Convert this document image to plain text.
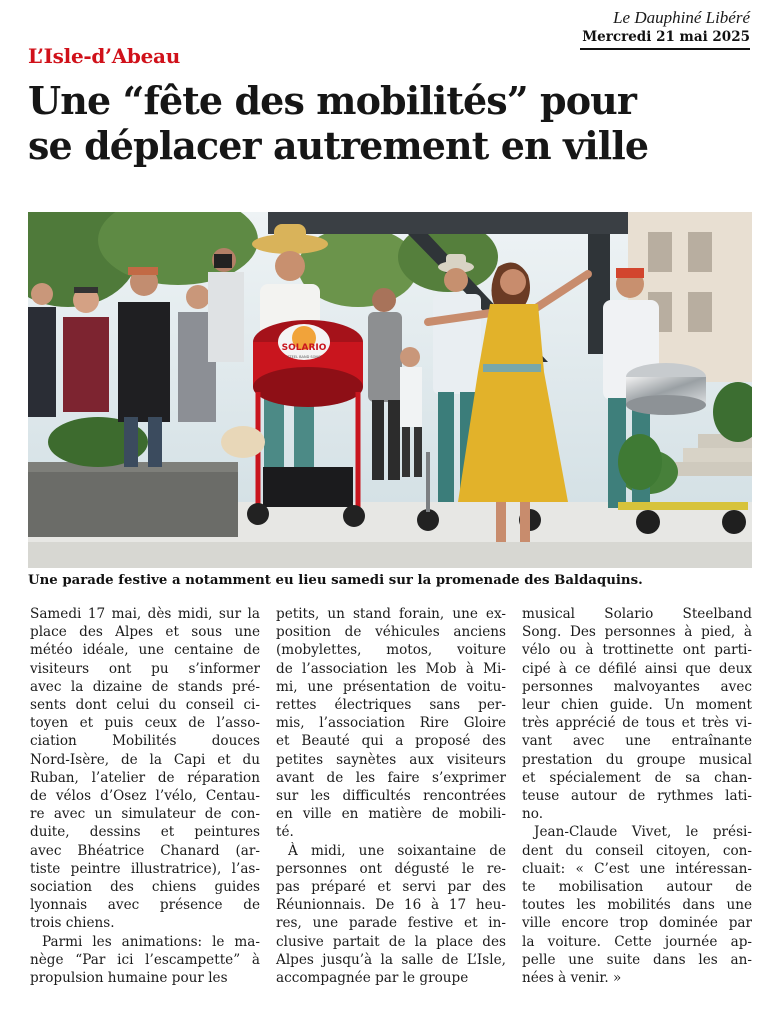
Le Dauphiné Libéré
Mercredi 21 mai 2025
L’Isle-d’Abeau
Une “fête des mobilités” pour
se déplacer autrement en ville
SOLARIO
STEEL BAND SONG

Une parade festive a notamment eu lieu samedi sur la promenade des Baldaquins.

Samedi 17 mai, dès midi, sur la
place des Alpes et sous une
météo idéale, une centaine de
visiteurs ont pu s’informer
avec la dizaine de stands pré-
sents dont celui du conseil ci-
toyen et puis ceux de l’asso-
ciation Mobilités douces
Nord-Isère, de la Capi et du
Ruban, l’atelier de réparation
de vélos d’Osez l’vélo, Centau-
re avec un simulateur de con-
duite, dessins et peintures
avec Bhéatrice Chanard (ar-
tiste peintre illustratrice), l’as-
sociation des chiens guides
lyonnais avec présence de
trois chiens.

Parmi les animations: le ma-
nège “Par ici l’escampette” à
propulsion humaine pour les

petits, un stand forain, une ex-
position de véhicules anciens
(mobylettes, motos, voiture
de l’association les Mob à Mi-
mi, une présentation de voitu-
rettes électriques sans per-
mis, l’association Rire Gloire
et Beauté qui a proposé des
petites saynètes aux visiteurs
avant de les faire s’exprimer
sur les difficultés rencontrées
en ville en matière de mobili-
té.

À midi, une soixantaine de
personnes ont dégusté le re-
pas préparé et servi par des
Réunionnais. De 16 à 17 heu-
res, une parade festive et in-
clusive partait de la place des
Alpes jusqu’à la salle de L’Isle,
accompagnée par le groupe

musical Solario Steelband
Song. Des personnes à pied, à
vélo ou à trottinette ont parti-
cipé à ce défilé ainsi que deux
personnes malvoyantes avec
leur chien guide. Un moment
très apprécié de tous et très vi-
vant avec une entraînante
prestation du groupe musical
et spécialement de sa chan-
teuse autour de rythmes lati-
no.

Jean-Claude Vivet, le prési-
dent du conseil citoyen, con-
cluait: « C’est une intéressan-
te mobilisation autour de
toutes les mobilités dans une
ville encore trop dominée par
la voiture. Cette journée ap-
pelle une suite dans les an-
nées à venir. »
